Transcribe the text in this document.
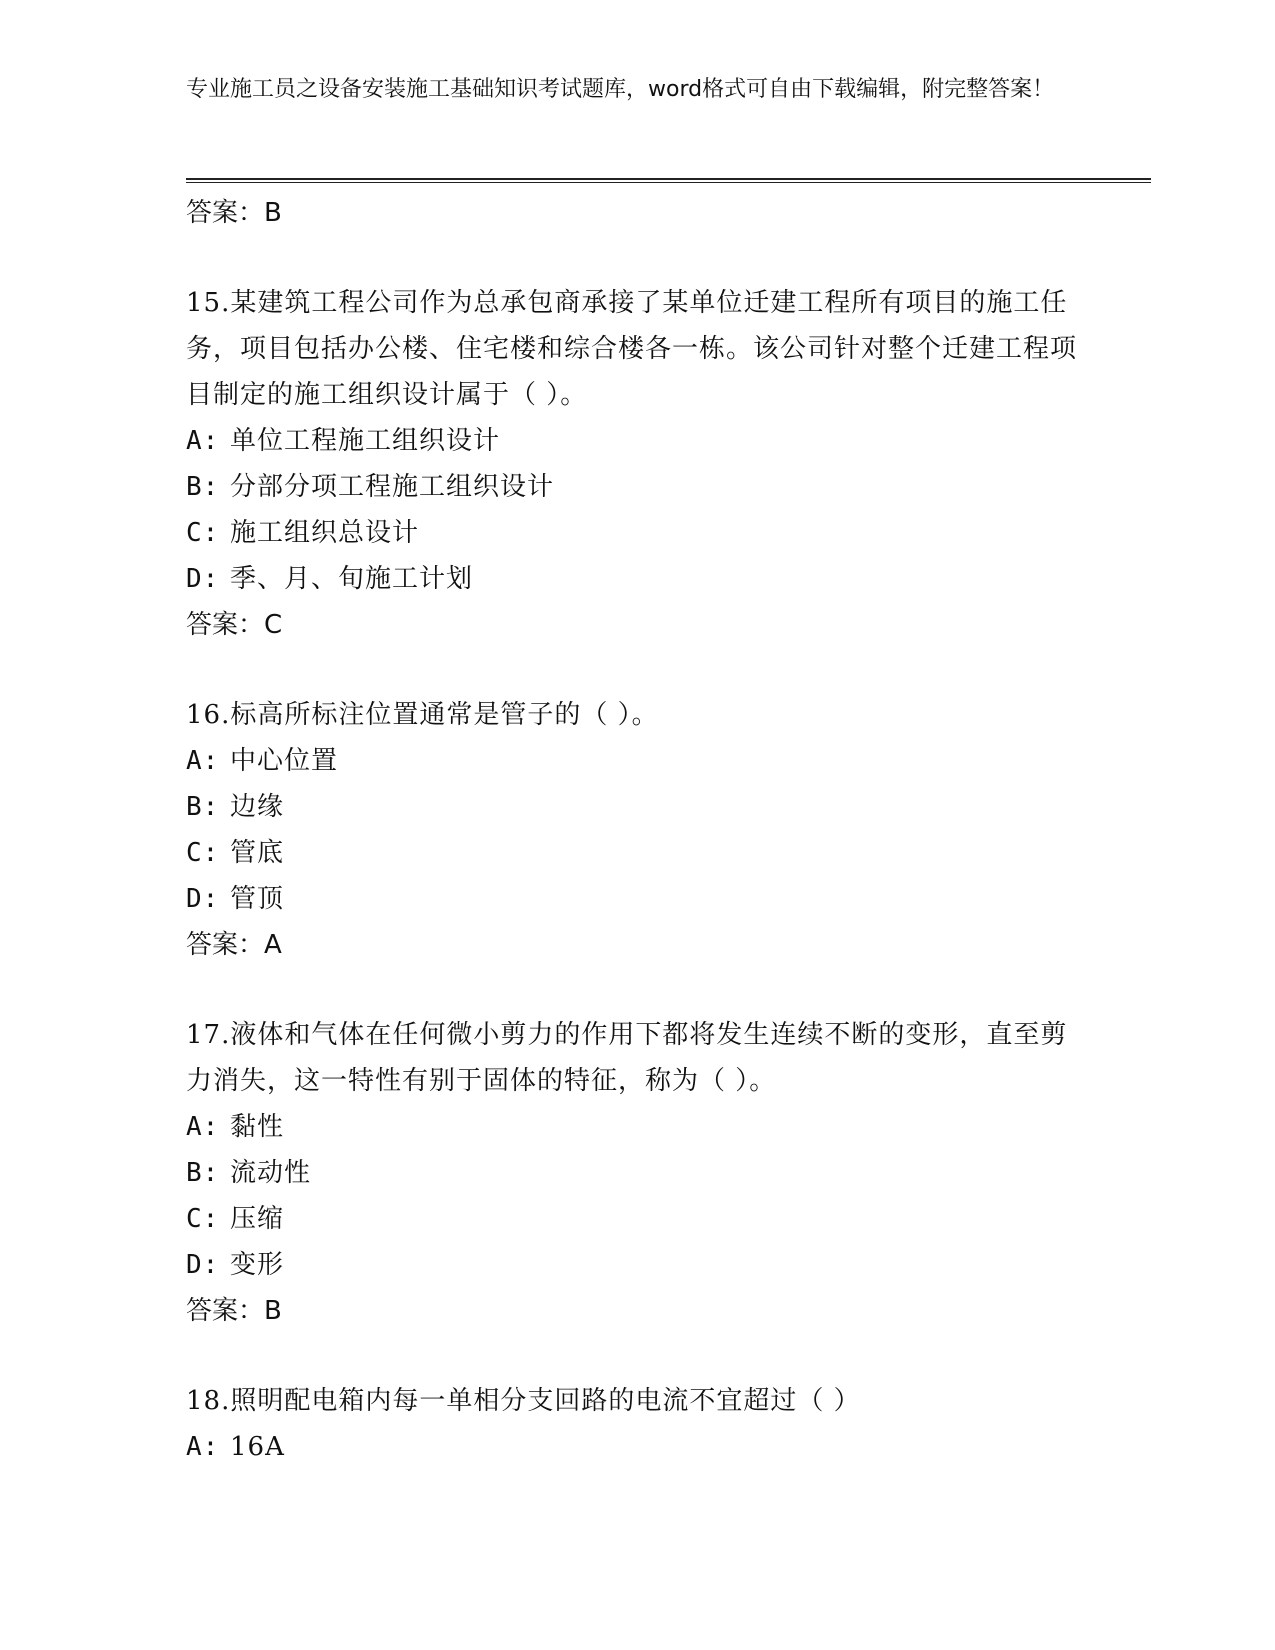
专业施工员之设备安装施工基础知识考试题库，word格式可自由下载编辑，附完整答案！

答案：B

15.某建筑工程公司作为总承包商承接了某单位迁建工程所有项目的施工任务，项目包括办公楼、住宅楼和综合楼各一栋。该公司针对整个迁建工程项目制定的施工组织设计属于（ ）。

A: 单位工程施工组织设计

B: 分部分项工程施工组织设计

C: 施工组织总设计

D: 季、月、旬施工计划

答案：C

16.标高所标注位置通常是管子的（ ）。

A: 中心位置

B: 边缘

C: 管底

D: 管顶

答案：A

17.液体和气体在任何微小剪力的作用下都将发生连续不断的变形，直至剪力消失，这一特性有别于固体的特征，称为（ ）。

A: 黏性

B: 流动性

C: 压缩

D: 变形

答案：B

18.照明配电箱内每一单相分支回路的电流不宜超过（ ）

A: 16A
